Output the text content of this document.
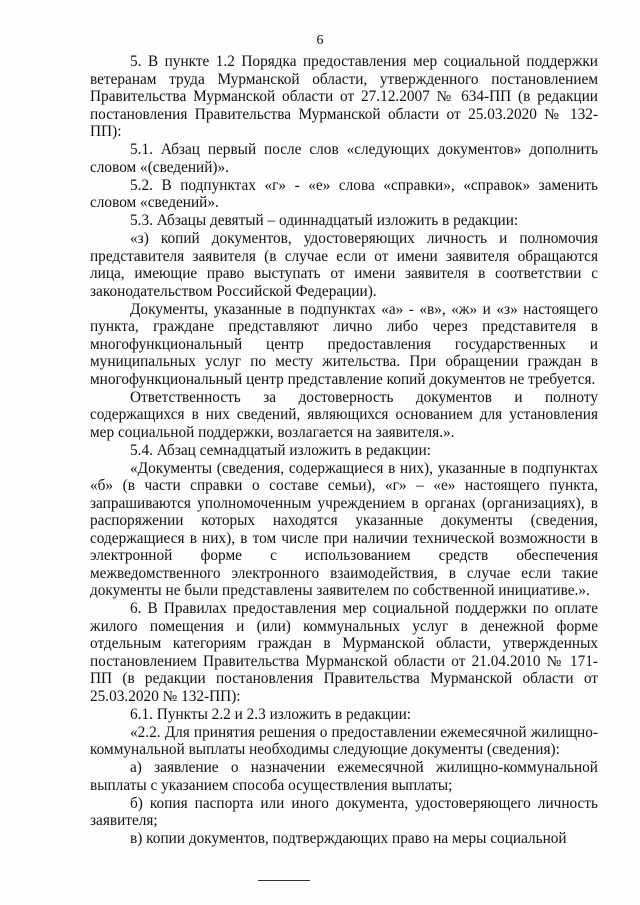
6

5. В пункте 1.2 Порядка предоставления мер социальной поддержки ветеранам труда Мурманской области, утвержденного постановлением Правительства Мурманской области от 27.12.2007 № 634-ПП (в редакции постановления Правительства Мурманской области от 25.03.2020 № 132-ПП):

5.1. Абзац первый после слов «следующих документов» дополнить словом «(сведений)».

5.2. В подпунктах «г» - «е» слова «справки», «справок» заменить словом «сведений».

5.3. Абзацы девятый – одиннадцатый изложить в редакции:

«з) копий документов, удостоверяющих личность и полномочия представителя заявителя (в случае если от имени заявителя обращаются лица, имеющие право выступать от имени заявителя в соответствии с законодательством Российской Федерации).

Документы, указанные в подпунктах «а» - «в», «ж» и «з» настоящего пункта, граждане представляют лично либо через представителя в многофункциональный центр предоставления государственных и муниципальных услуг по месту жительства. При обращении граждан в многофункциональный центр представление копий документов не требуется.

Ответственность за достоверность документов и полноту содержащихся в них сведений, являющихся основанием для установления мер социальной поддержки, возлагается на заявителя.».

5.4. Абзац семнадцатый изложить в редакции:

«Документы (сведения, содержащиеся в них), указанные в подпунктах «б» (в части справки о составе семьи), «г» – «е» настоящего пункта, запрашиваются уполномоченным учреждением в органах (организациях), в распоряжении которых находятся указанные документы (сведения, содержащиеся в них), в том числе при наличии технической возможности в электронной форме с использованием средств обеспечения межведомственного электронного взаимодействия, в случае если такие документы не были представлены заявителем по собственной инициативе.».

6. В Правилах предоставления мер социальной поддержки по оплате жилого помещения и (или) коммунальных услуг в денежной форме отдельным категориям граждан в Мурманской области, утвержденных постановлением Правительства Мурманской области от 21.04.2010 № 171-ПП (в редакции постановления Правительства Мурманской области от 25.03.2020 № 132-ПП):

6.1. Пункты 2.2 и 2.3 изложить в редакции:

«2.2. Для принятия решения о предоставлении ежемесячной жилищно-коммунальной выплаты необходимы следующие документы (сведения):

а) заявление о назначении ежемесячной жилищно-коммунальной выплаты с указанием способа осуществления выплаты;

б) копия паспорта или иного документа, удостоверяющего личность заявителя;

в) копии документов, подтверждающих право на меры социальной
